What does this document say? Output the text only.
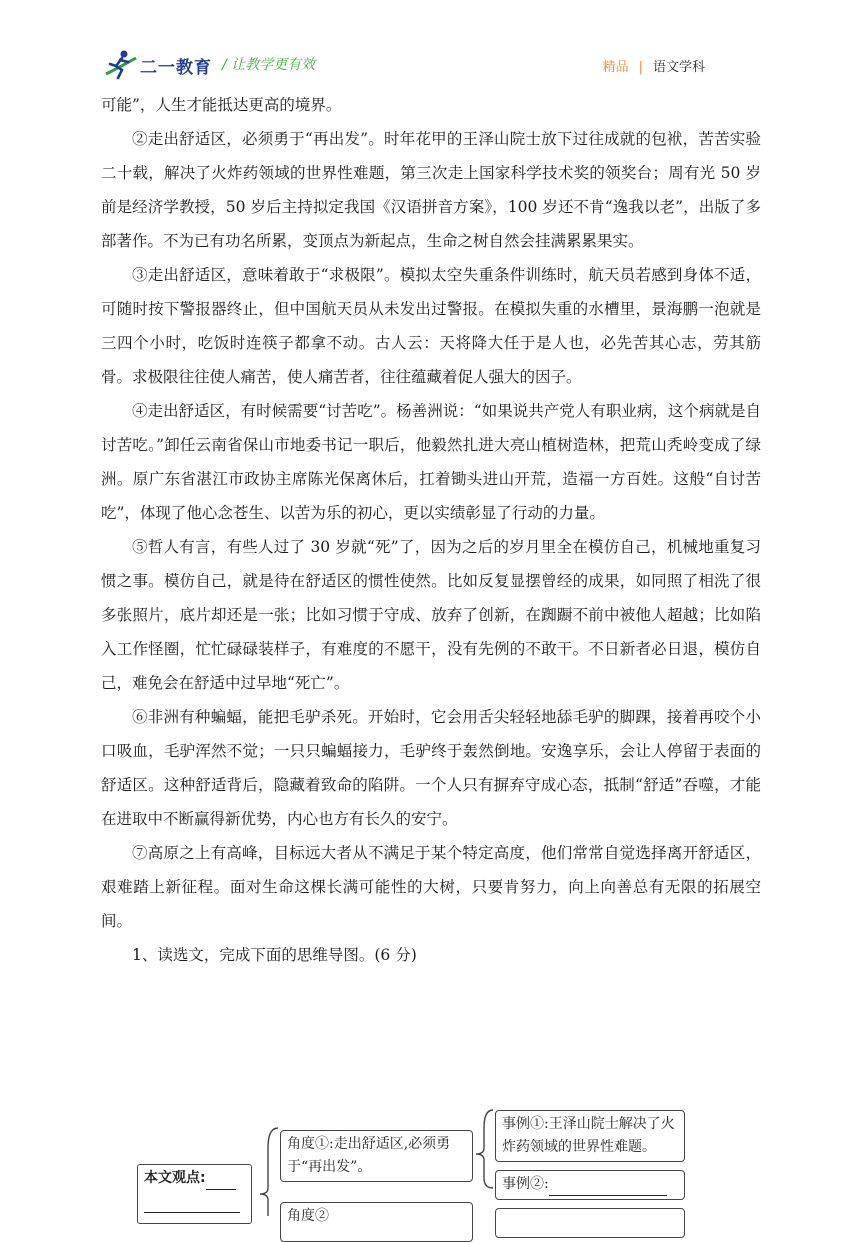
二一教育 / 让教学更有效	精品 | 语文学科

可能”，人生才能抵达更高的境界。

②走出舒适区，必须勇于“再出发”。时年花甲的王泽山院士放下过往成就的包袱，苦苦实验二十载，解决了火炸药领域的世界性难题，第三次走上国家科学技术奖的领奖台；周有光 50 岁前是经济学教授，50 岁后主持拟定我国《汉语拼音方案》，100 岁还不肯“逸我以老”，出版了多部著作。不为已有功名所累，变顶点为新起点，生命之树自然会挂满累累果实。

③走出舒适区，意味着敢于“求极限”。模拟太空失重条件训练时，航天员若感到身体不适，可随时按下警报器终止，但中国航天员从未发出过警报。在模拟失重的水槽里，景海鹏一泡就是三四个小时，吃饭时连筷子都拿不动。古人云：天将降大任于是人也，必先苦其心志，劳其筋骨。求极限往往使人痛苦，使人痛苦者，往往蕴藏着促人强大的因子。

④走出舒适区，有时候需要“讨苦吃”。杨善洲说：“如果说共产党人有职业病，这个病就是自讨苦吃。”卸任云南省保山市地委书记一职后，他毅然扎进大亮山植树造林，把荒山秃岭变成了绿洲。原广东省湛江市政协主席陈光保离休后，扛着锄头进山开荒，造福一方百姓。这般“自讨苦吃”，体现了他心念苍生、以苦为乐的初心，更以实绩彰显了行动的力量。

⑤哲人有言，有些人过了 30 岁就“死”了，因为之后的岁月里全在模仿自己，机械地重复习惯之事。模仿自己，就是待在舒适区的惯性使然。比如反复显摆曾经的成果，如同照了相洗了很多张照片，底片却还是一张；比如习惯于守成、放弃了创新，在踟蹰不前中被他人超越；比如陷入工作怪圈，忙忙碌碌装样子，有难度的不愿干，没有先例的不敢干。不日新者必日退，模仿自己，难免会在舒适中过早地“死亡”。

⑥非洲有种蝙蝠，能把毛驴杀死。开始时，它会用舌尖轻轻地舔毛驴的脚踝，接着再咬个小口吸血，毛驴浑然不觉；一只只蝙蝠接力，毛驴终于轰然倒地。安逸享乐，会让人停留于表面的舒适区。这种舒适背后，隐藏着致命的陷阱。一个人只有摒弃守成心态，抵制“舒适”吞噬，才能在进取中不断赢得新优势，内心也方有长久的安宁。

⑦高原之上有高峰，目标远大者从不满足于某个特定高度，他们常常自觉选择离开舒适区，艰难踏上新征程。面对生命这棵长满可能性的大树，只要肯努力，向上向善总有无限的拓展空间。

1、读选文，完成下面的思维导图。(6 分)

本文观点:

角度①:走出舒适区,必须勇于“再出发”。
角度②
事例①:王泽山院士解决了火炸药领域的世界性难题。
事例②:
